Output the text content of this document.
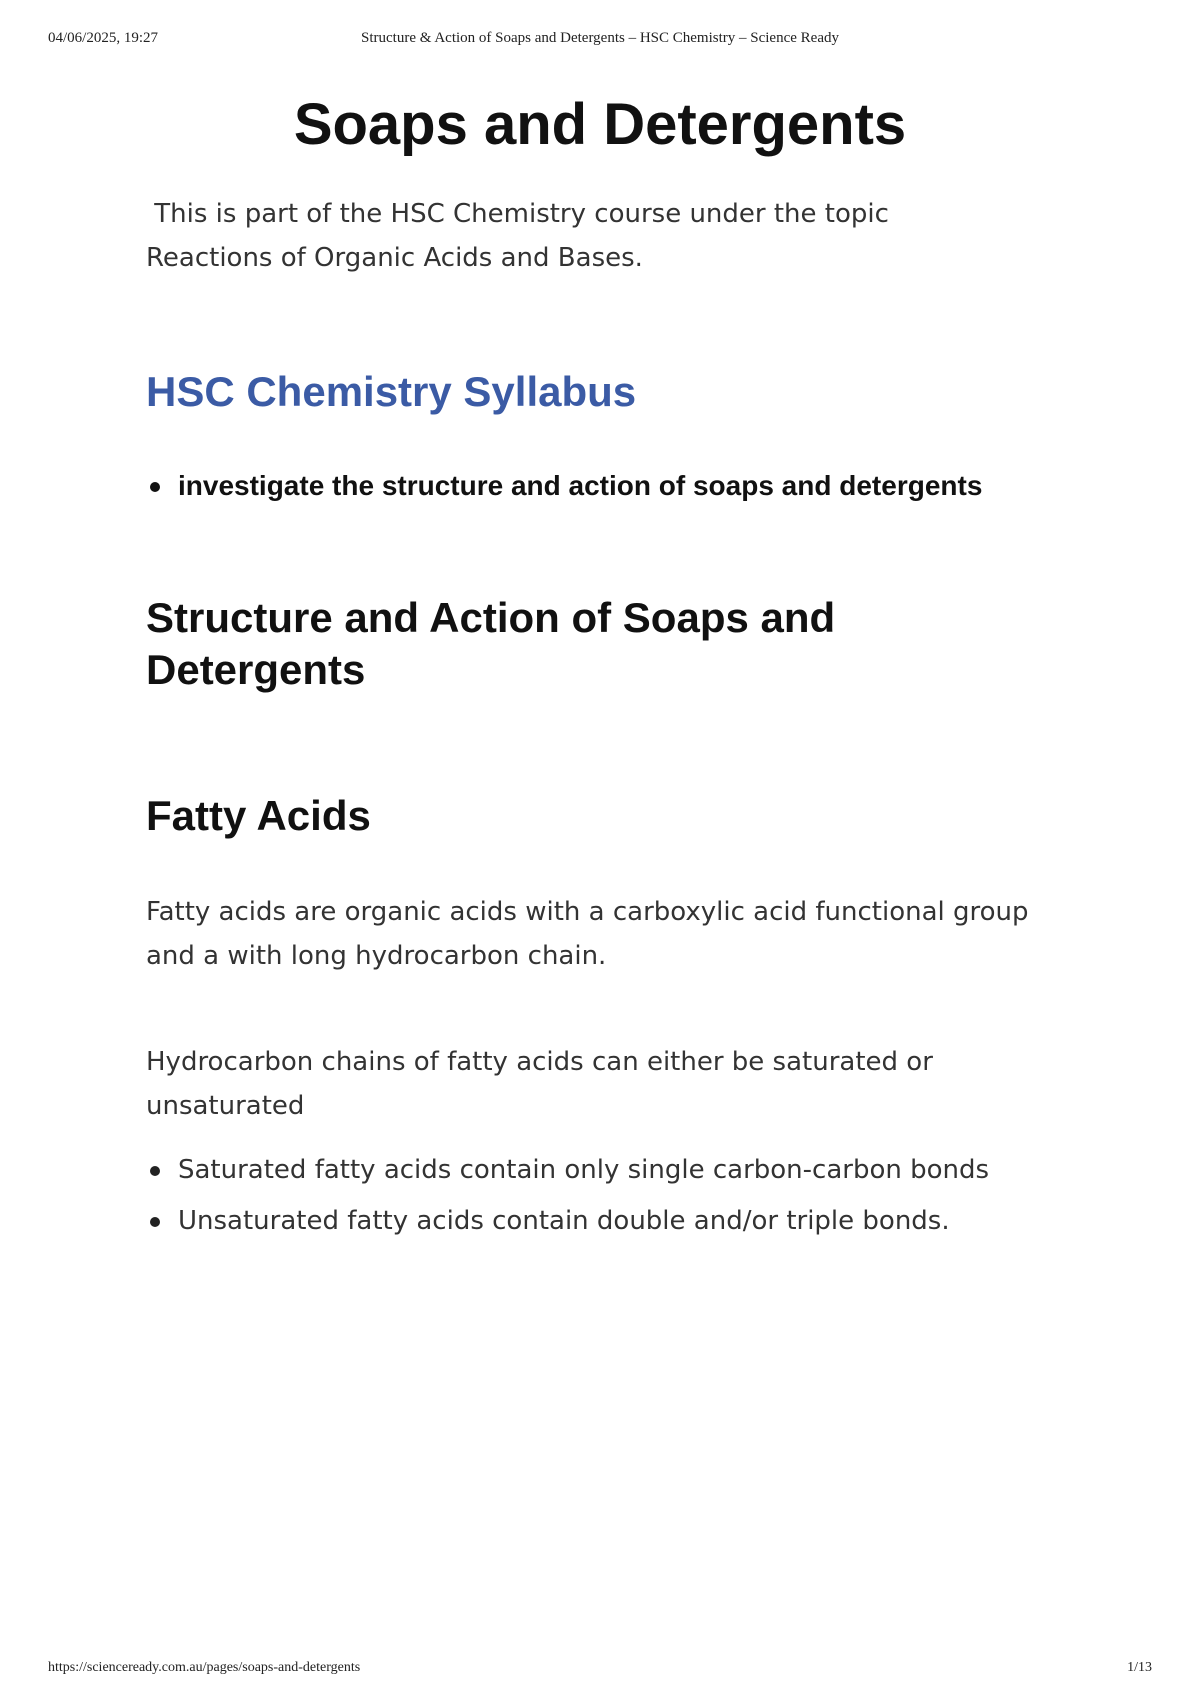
04/06/2025, 19:27	Structure & Action of Soaps and Detergents – HSC Chemistry – Science Ready
Soaps and Detergents

This is part of the HSC Chemistry course under the topic
Reactions of Organic Acids and Bases.

HSC Chemistry Syllabus
investigate the structure and action of soaps and detergents
Structure and Action of Soaps and Detergents
Fatty Acids

Fatty acids are organic acids with a carboxylic acid functional group and a with long hydrocarbon chain.

Hydrocarbon chains of fatty acids can either be saturated or unsaturated

Saturated fatty acids contain only single carbon-carbon bonds
Unsaturated fatty acids contain double and/or triple bonds.
https://scienceready.com.au/pages/soaps-and-detergents	1/13
